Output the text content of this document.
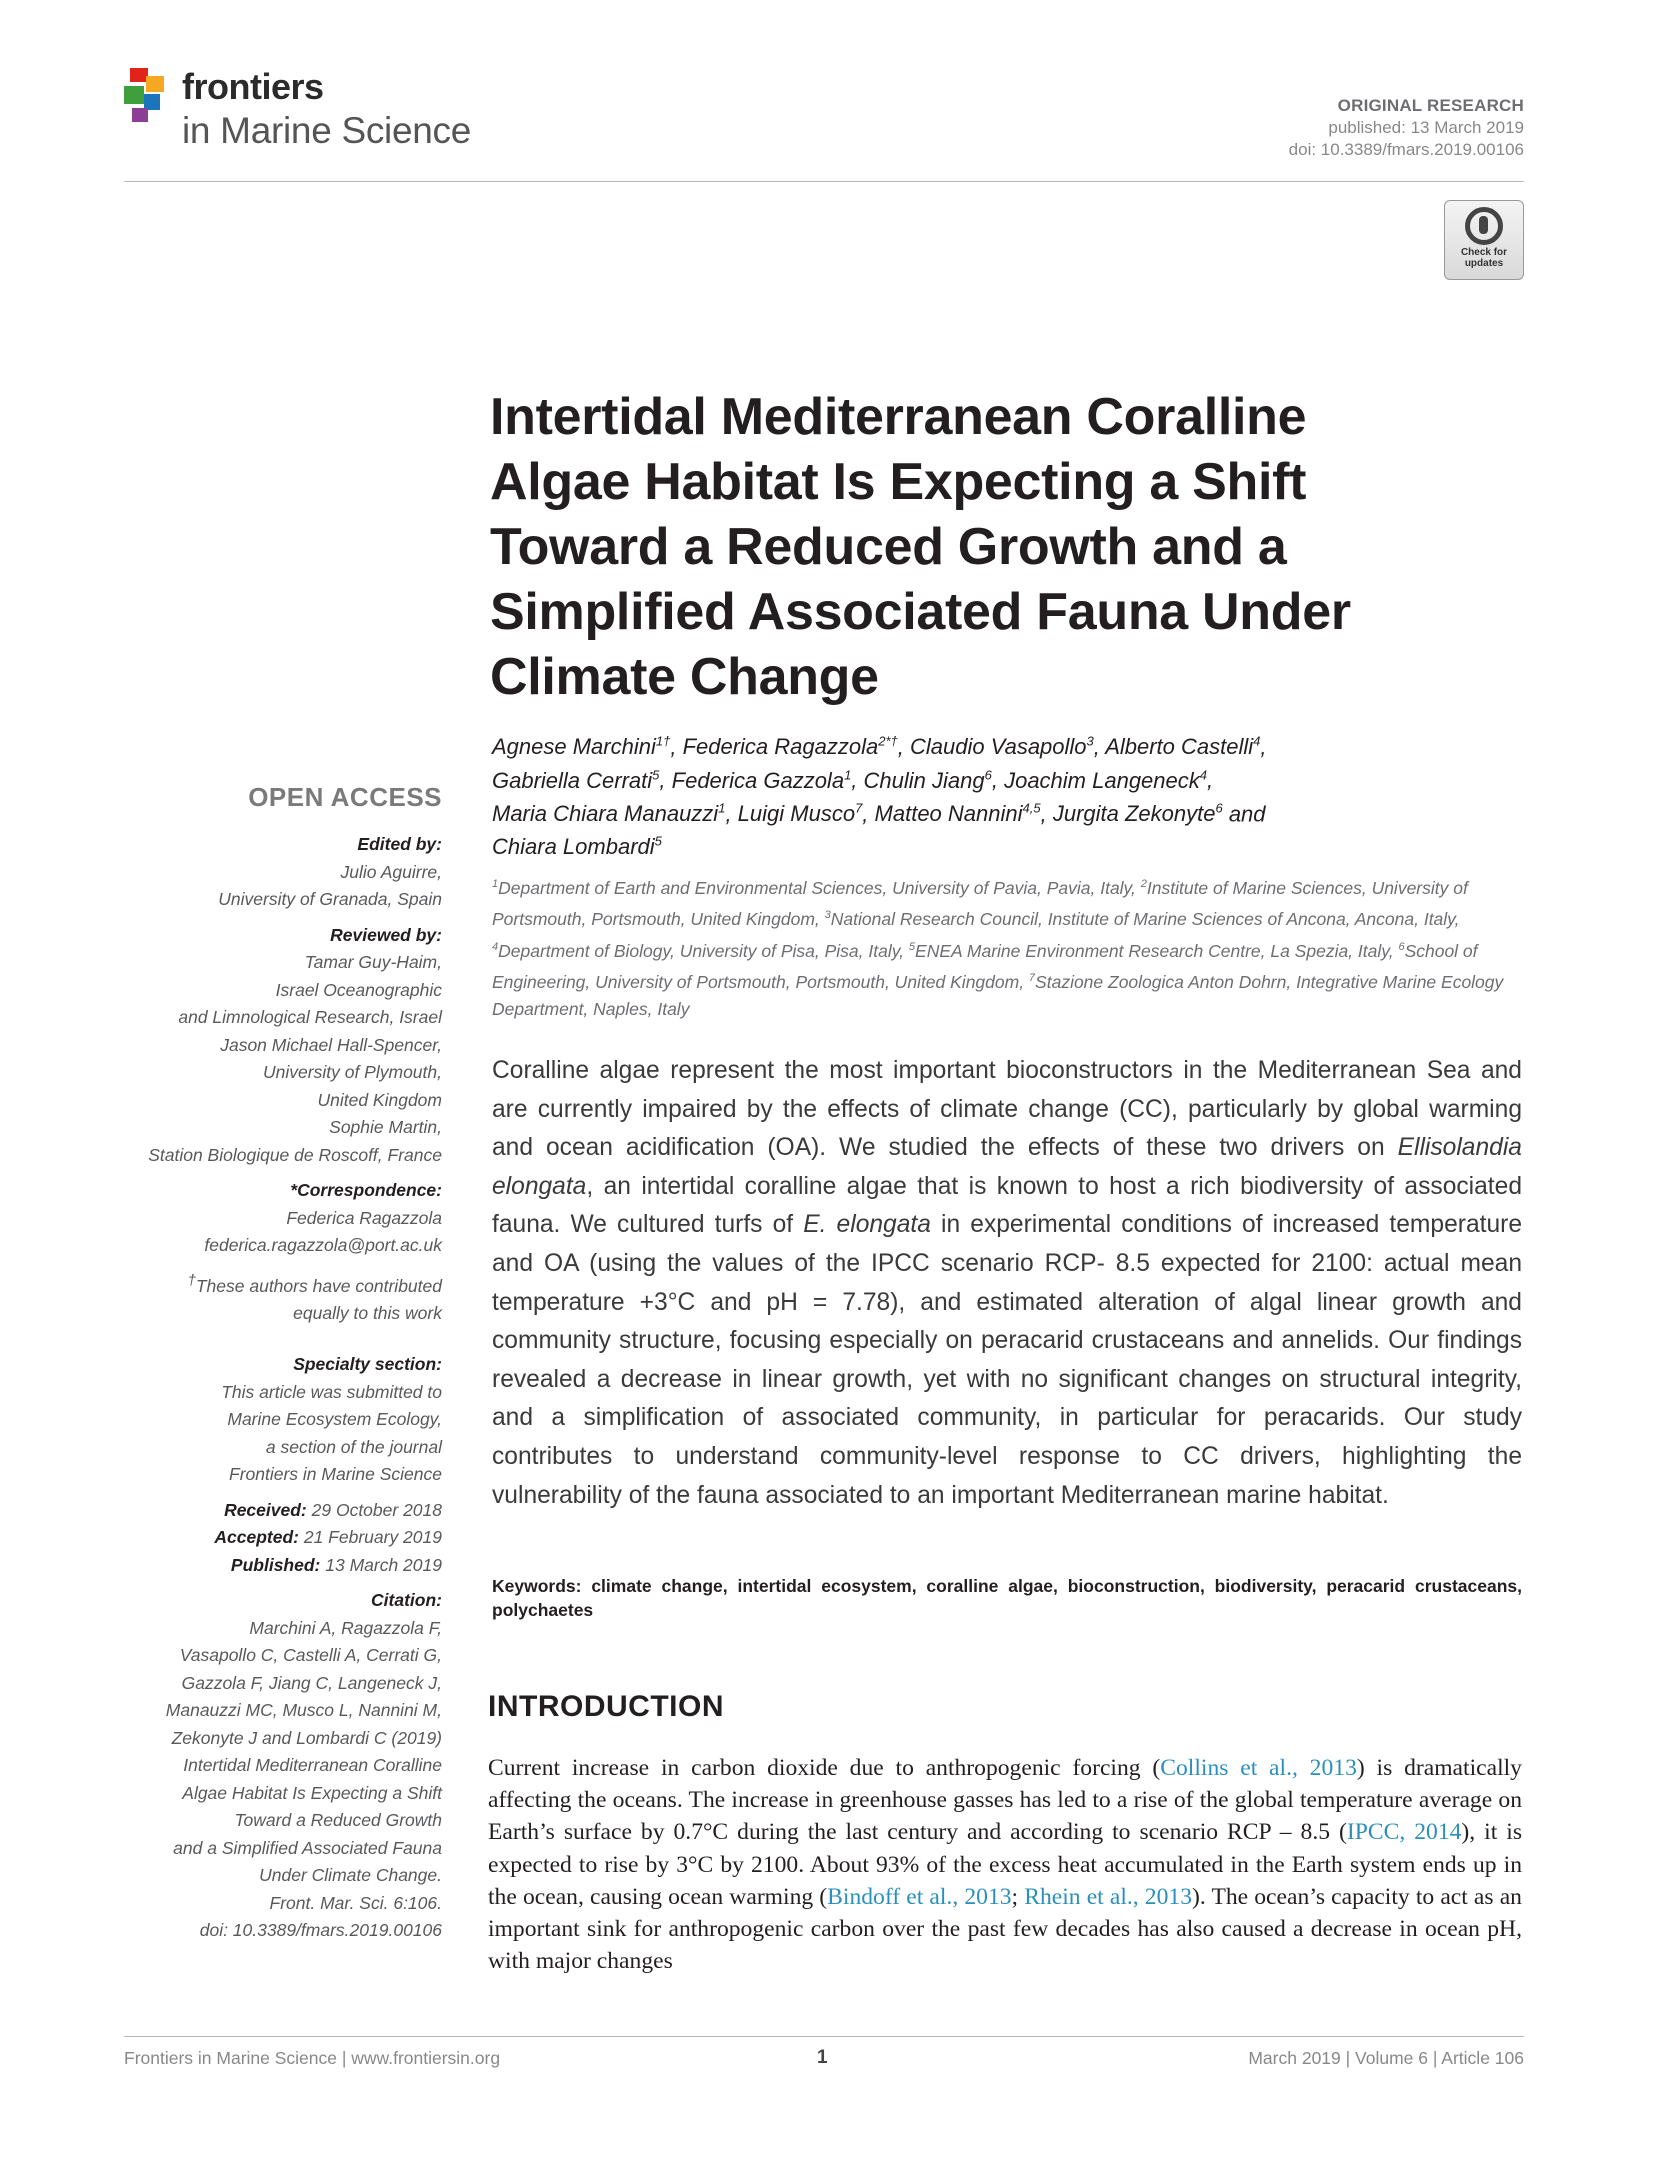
frontiers
in Marine Science
ORIGINAL RESEARCH
published: 13 March 2019
doi: 10.3389/fmars.2019.00106
Check for
updates
Intertidal Mediterranean Coralline
Algae Habitat Is Expecting a Shift
Toward a Reduced Growth and a
Simplified Associated Fauna Under
Climate Change
Agnese Marchini$^{1\dagger}$, Federica Ragazzola$^{2*\dagger}$, Claudio Vasapollo$^3$, Alberto Castelli$^4$,
Gabriella Cerrati$^5$, Federica Gazzola$^1$, Chulin Jiang$^6$, Joachim Langeneck$^4$,
Maria Chiara Manauzzi$^1$, Luigi Musco$^7$, Matteo Nannini$^{4,5}$, Jurgita Zekonyte$^6$ and
Chiara Lombardi$^5$
$^1$Department of Earth and Environmental Sciences, University of Pavia, Pavia, Italy, $^2$Institute of Marine Sciences, University of Portsmouth, Portsmouth, United Kingdom, $^3$National Research Council, Institute of Marine Sciences of Ancona, Ancona, Italy, $^4$Department of Biology, University of Pisa, Pisa, Italy, $^5$ENEA Marine Environment Research Centre, La Spezia, Italy, $^6$School of Engineering, University of Portsmouth, Portsmouth, United Kingdom, $^7$Stazione Zoologica Anton Dohrn, Integrative Marine Ecology Department, Naples, Italy
Coralline algae represent the most important bioconstructors in the Mediterranean Sea and are currently impaired by the effects of climate change (CC), particularly by global warming and ocean acidification (OA). We studied the effects of these two drivers on Ellisolandia elongata, an intertidal coralline algae that is known to host a rich biodiversity of associated fauna. We cultured turfs of E. elongata in experimental conditions of increased temperature and OA (using the values of the IPCC scenario RCP- 8.5 expected for 2100: actual mean temperature +3°C and pH = 7.78), and estimated alteration of algal linear growth and community structure, focusing especially on peracarid crustaceans and annelids. Our findings revealed a decrease in linear growth, yet with no significant changes on structural integrity, and a simplification of associated community, in particular for peracarids. Our study contributes to understand community-level response to CC drivers, highlighting the vulnerability of the fauna associated to an important Mediterranean marine habitat.
Keywords: climate change, intertidal ecosystem, coralline algae, bioconstruction, biodiversity, peracarid crustaceans, polychaetes
INTRODUCTION
Current increase in carbon dioxide due to anthropogenic forcing (Collins et al., 2013) is dramatically affecting the oceans. The increase in greenhouse gasses has led to a rise of the global temperature average on Earth’s surface by 0.7°C during the last century and according to scenario RCP – 8.5 (IPCC, 2014), it is expected to rise by 3°C by 2100. About 93% of the excess heat accumulated in the Earth system ends up in the ocean, causing ocean warming (Bindoff et al., 2013; Rhein et al., 2013). The ocean’s capacity to act as an important sink for anthropogenic carbon over the past few decades has also caused a decrease in ocean pH, with major changes
OPEN ACCESS
Edited by:
Julio Aguirre,
University of Granada, Spain
Reviewed by:
Tamar Guy-Haim,
Israel Oceanographic
and Limnological Research, Israel
Jason Michael Hall-Spencer,
University of Plymouth,
United Kingdom
Sophie Martin,
Station Biologique de Roscoff, France
*Correspondence:
Federica Ragazzola
federica.ragazzola@port.ac.uk
†These authors have contributed
equally to this work
Specialty section:
This article was submitted to
Marine Ecosystem Ecology,
a section of the journal
Frontiers in Marine Science
Received: 29 October 2018
Accepted: 21 February 2019
Published: 13 March 2019
Citation:
Marchini A, Ragazzola F,
Vasapollo C, Castelli A, Cerrati G,
Gazzola F, Jiang C, Langeneck J,
Manauzzi MC, Musco L, Nannini M,
Zekonyte J and Lombardi C (2019)
Intertidal Mediterranean Coralline
Algae Habitat Is Expecting a Shift
Toward a Reduced Growth
and a Simplified Associated Fauna
Under Climate Change.
Front. Mar. Sci. 6:106.
doi: 10.3389/fmars.2019.00106
Frontiers in Marine Science | www.frontiersin.org	1	March 2019 | Volume 6 | Article 106
